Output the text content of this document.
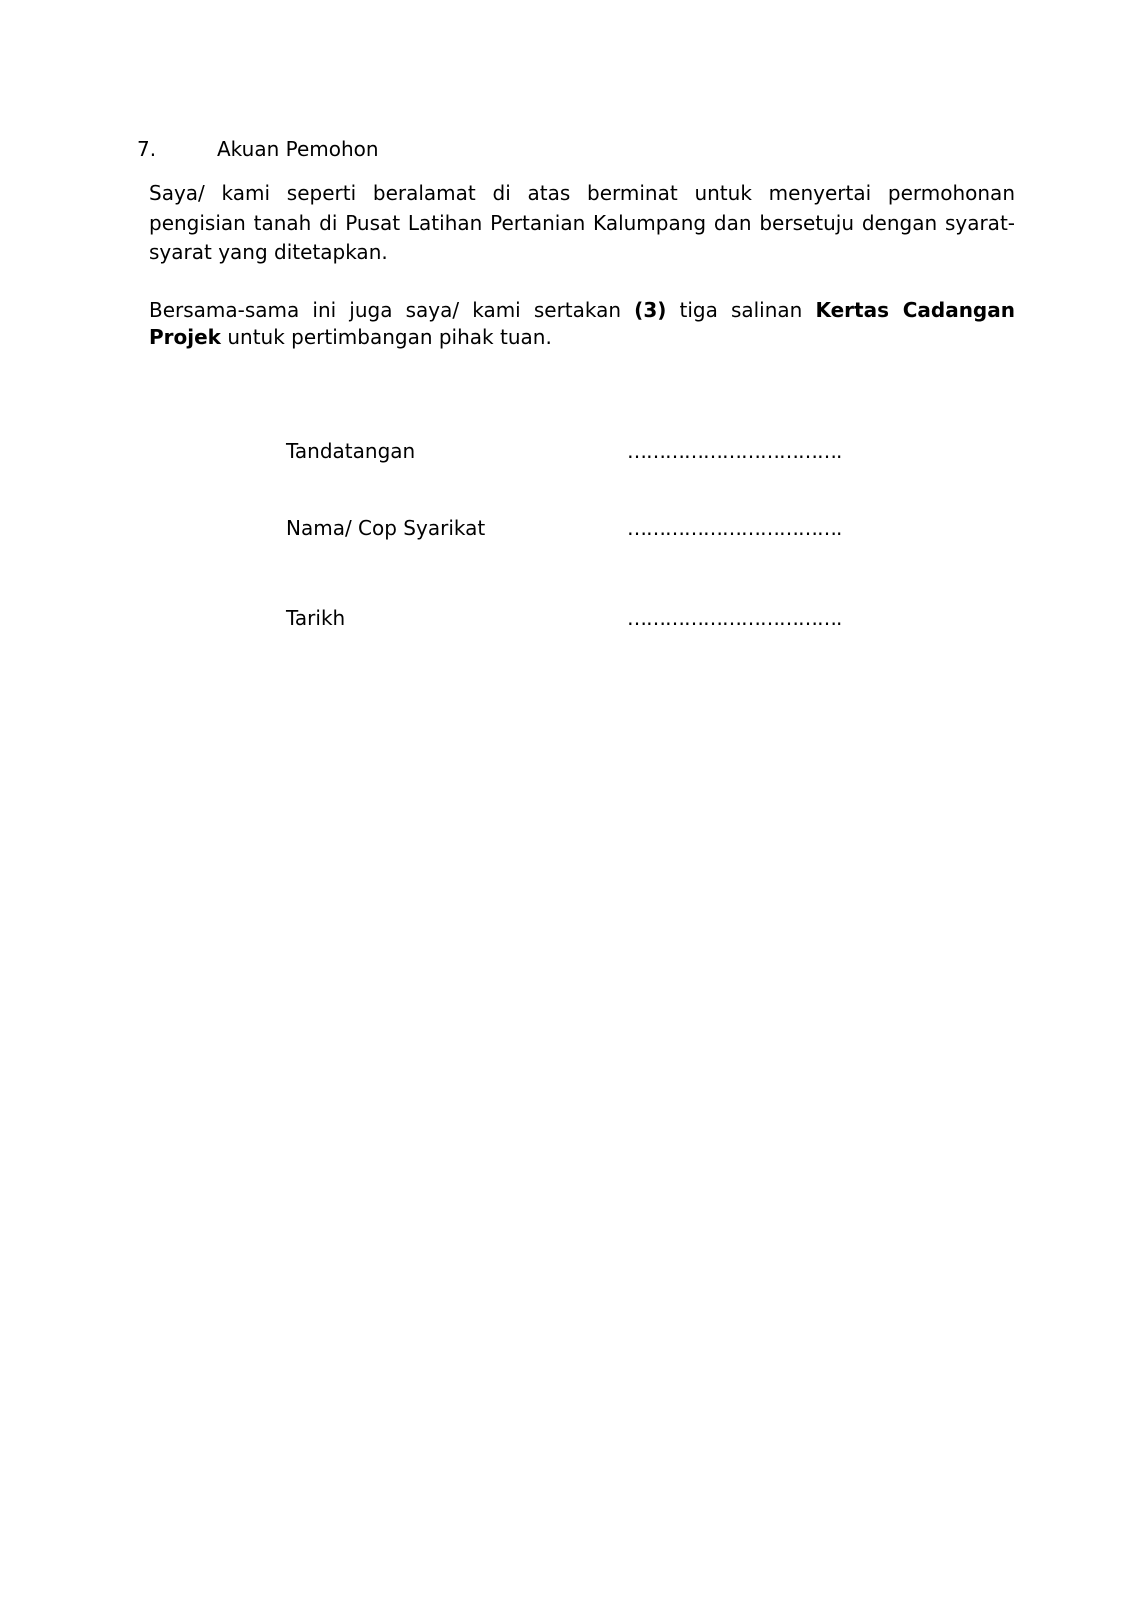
7.	Akuan Pemohon

Saya/ kami seperti beralamat di atas berminat untuk menyertai permohonan pengisian tanah di Pusat Latihan Pertanian Kalumpang dan bersetuju dengan syarat-syarat yang ditetapkan.

Bersama-sama ini juga saya/ kami sertakan (3) tiga salinan Kertas Cadangan Projek untuk pertimbangan pihak tuan.

Tandatangan	…………………………….
Nama/ Cop Syarikat	…………………………….
Tarikh	…………………………….
